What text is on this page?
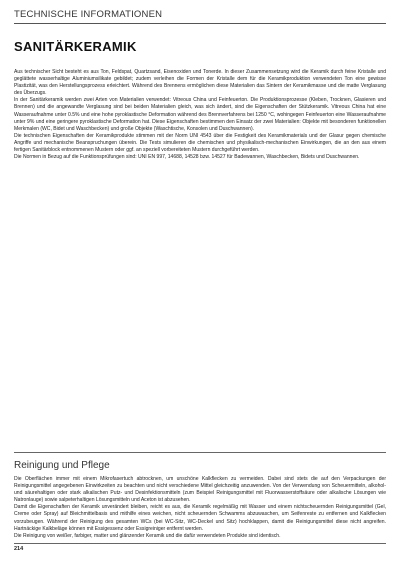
TECHNISCHE INFORMATIONEN
SANITÄRKERAMIK

Aus technischer Sicht besteht es aus Ton, Feldspat, Quartzsand, Eisenoxiden und Tonerde. In dieser Zusammensetzung wird die Keramik durch feine Kristalle und geglättete wasserhaltige Aluminiumsilikate gebildet; zudem verleihen die Formen der Kristalle dem für die Keramikproduktion verwendeten Ton eine gewisse Plastizität, was den Herstellungsprozess erleichtert. Während des Brennens ermöglichen diese Materialien das Sintern der Keramikmasse und die matte Verglasung des Überzugs.

In der Sanitärkeramik werden zwei Arten von Materialien verwendet: Vitreous China und Feinfeuerton. Die Produktionsprozesse (Kleben, Trocknen, Glasieren und Brennen) und die angewandte Verglasung sind bei beiden Materialien gleich, was sich ändert, sind die Eigenschaften der Stützkeramik. Vitreous China hat eine Wasseraufnahme unter 0.5% und eine hohe pyroklastische Deformation während des Brennverfahrens bei 1250 °C, wohingegen Feinfeuerton eine Wasseraufnahme unter 9% und eine geringere pyroklastische Deformation hat. Diese Eigenschaften bestimmen den Einsatz der zwei Materialien: Objekte mit besonderen funktionellen Merkmalen (WC, Bidet und Waschbecken) und große Objekte (Waschtische, Konsolen und Duschwannen).

Die technischen Eigenschaften der Keramikprodukte stimmen mit der Norm UNI 4543 über die Festigkeit des Keramikmaterials und der Glasur gegen chemische Angriffe und mechanische Beanspruchungen überein. Die Tests simulieren die chemischen und physikalisch-mechanischen Einwirkungen, die an den aus einem fertigen Sanitärblock entnommenen Mustern oder ggf. an speziell vorbereiteten Mustern durchgeführt werden.

Die Normen in Bezug auf die Funktionsprüfungen sind: UNI EN 997, 14688, 14528 bzw. 14527 für Badewannen, Waschbecken, Bidets und Duschwannen.

Reinigung und Pflege

Die Oberflächen immer mit einem Mikrofasertuch abtrocknen, um unschöne Kalkflecken zu vermeiden. Dabei sind stets die auf den Verpackungen der Reinigungsmittel angegebenen Einwirkzeiten zu beachten und nicht verschiedene Mittel gleichzeitig anzuwenden. Von der Verwendung von Scheuermitteln, alkohol- und säurehaltigen oder stark alkalischen Putz- und Desinfektionsmitteln (zum Beispiel Reinigungsmittel mit Fluorwasserstoffsäure oder alkalische Lösungen wie Natronlauge) sowie salpeterhaltigen Lösungsmitteln und Aceton ist abzusehen.

Damit die Eigenschaften der Keramik unverändert bleiben, reicht es aus, die Keramik regelmäßig mit Wasser und einem nichtscheuernden Reinigungsmittel (Gel, Creme oder Spray) auf Bleichmittelbasis und mithilfe eines weichen, nicht scheuernden Schwamms abzuwaschen, um Seifenreste zu entfernen und Kalkflecken vorzubeugen. Während der Reinigung des gesamten WCs (bei WC-Sitz, WC-Deckel und Sitz) hochklappen, damit die Reinigungsmittel diese nicht angreifen. Hartnäckige Kalkbeläge können mit Essigessenz oder Essigreiniger entfernt werden.

Die Reinigung von weißer, farbiger, matter und glänzender Keramik und die dafür verwendeten Produkte sind identisch.

214
